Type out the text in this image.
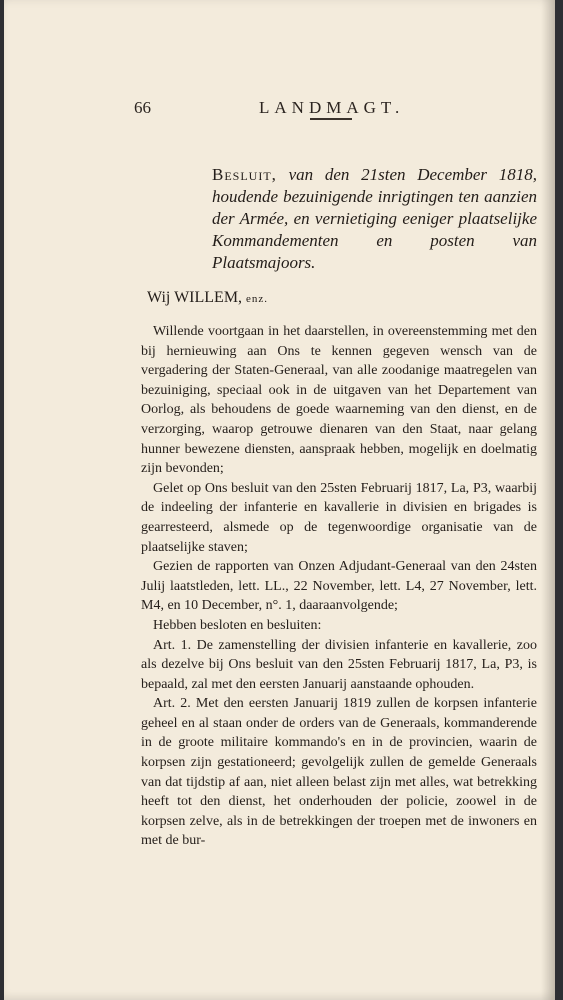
66	LANDMAGT.
Besluit, van den 21sten December 1818, houdende bezuinigende inrigtingen ten aanzien der Armée, en vernietiging eeniger plaatselijke Kommandementen en posten van Plaatsmajoors.
Wij WILLEM, enz.

Willende voortgaan in het daarstellen, in overeenstemming met den bij hernieuwing aan Ons te kennen gegeven wensch van de vergadering der Staten-Generaal, van alle zoodanige maatregelen van bezuiniging, speciaal ook in de uitgaven van het Departement van Oorlog, als behoudens de goede waarneming van den dienst, en de verzorging, waarop getrouwe dienaren van den Staat, naar gelang hunner bewezene diensten, aanspraak hebben, mogelijk en doelmatig zijn bevonden;

Gelet op Ons besluit van den 25sten Februarij 1817, La, P3, waarbij de indeeling der infanterie en kavallerie in divisien en brigades is gearresteerd, alsmede op de tegenwoordige organisatie van de plaatselijke staven;

Gezien de rapporten van Onzen Adjudant-Generaal van den 24sten Julij laatstleden, lett. LL., 22 November, lett. L4, 27 November, lett. M4, en 10 December, n°. 1, daaraanvolgende;

Hebben besloten en besluiten:

Art. 1. De zamenstelling der divisien infanterie en kavallerie, zoo als dezelve bij Ons besluit van den 25sten Februarij 1817, La, P3, is bepaald, zal met den eersten Januarij aanstaande ophouden.

Art. 2. Met den eersten Januarij 1819 zullen de korpsen infanterie geheel en al staan onder de orders van de Generaals, kommanderende in de groote militaire kommando's en in de provincien, waarin de korpsen zijn gestationeerd; gevolgelijk zullen de gemelde Generaals van dat tijdstip af aan, niet alleen belast zijn met alles, wat betrekking heeft tot den dienst, het onderhouden der policie, zoowel in de korpsen zelve, als in de betrekkingen der troepen met de inwoners en met de bur-
